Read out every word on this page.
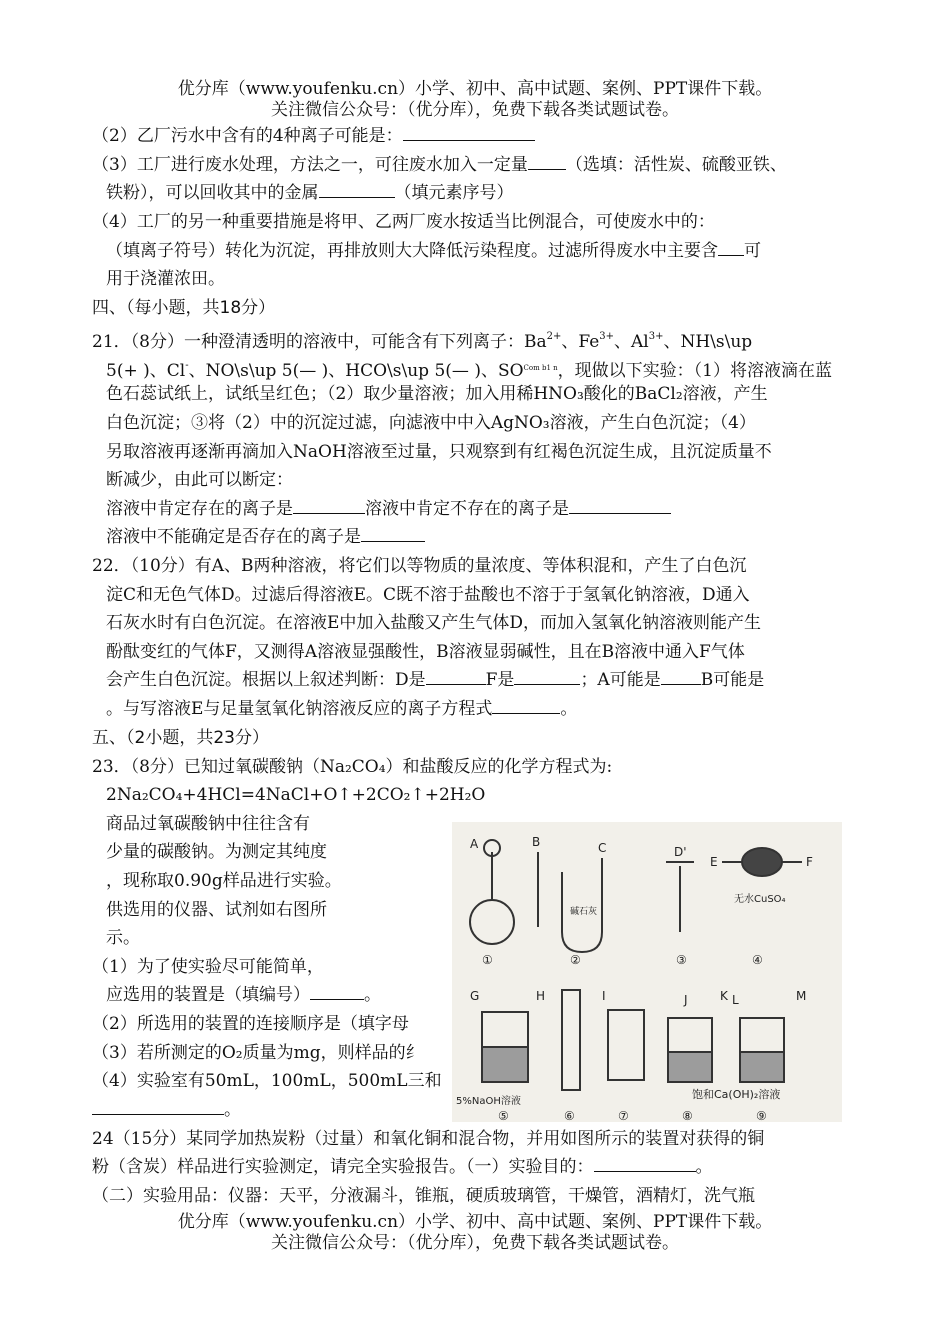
优分库（www.youfenku.cn）小学、初中、高中试题、案例、PPT课件下载。
关注微信公众号：（优分库），免费下载各类试题试卷。
（2）乙厂污水中含有的4种离子可能是：
（3）工厂进行废水处理，方法之一，可往废水加入一定量 （选填：活性炭、硫酸亚铁、
铁粉），可以回收其中的金属	（填元素序号）
（4）工厂的另一种重要措施是将甲、乙两厂废水按适当比例混合，可使废水中的：
（填离子符号）转化为沉淀，再排放则大大降低污染程度。过滤所得废水中主要含 可
用于浇灌浓田。
四、（每小题，共18分）
21．（8分）一种澄清透明的溶液中，可能含有下列离子：$Ba^{2+}$、$Fe^{3+}$、$Al^{3+}$、NH\s\up
5(+ )、Cl-、NO\s\up 5(— )、HCO\s\up 5(— )、$SO^{Com b1 n}$，现做以下实验：（1）将溶液滴在蓝
色石蕊试纸上，试纸呈红色；（2）取少量溶液；加入用稀HNO₃酸化的BaCl₂溶液，产生
白色沉淀；③将（2）中的沉淀过滤，向滤液中中入AgNO₃溶液，产生白色沉淀；（4）
另取溶液再逐渐再滴加入NaOH溶液至过量，只观察到有红褐色沉淀生成，且沉淀质量不
断减少，由此可以断定：
溶液中肯定存在的离子是	溶液中肯定不存在的离子是
溶液中不能确定是否存在的离子是
22．（10分）有A、B两种溶液，将它们以等物质的量浓度、等体积混和，产生了白色沉
淀C和无色气体D。过滤后得溶液E。C既不溶于盐酸也不溶于于氢氧化钠溶液，D通入
石灰水时有白色沉淀。在溶液E中加入盐酸又产生气体D，而加入氢氧化钠溶液则能产生
酚酞变红的气体F，又测得A溶液显强酸性，B溶液显弱碱性，且在B溶液中通入F气体
会产生白色沉淀。根据以上叙述判断：D是	F是	；A可能是 B可能是
。与写溶液E与足量氢氧化钠溶液反应的离子方程式	。
五、（2小题，共23分）
23．（8分）已知过氧碳酸钠（Na₂CO₄）和盐酸反应的化学方程式为:
2Na₂CO₄+4HCl=4NaCl+O↑+2CO₂↑+2H₂O
商品过氧碳酸钠中往往含有
少量的碳酸钠。为测定其纯度
，现称取0.90g样品进行实验。
供选用的仪器、试剂如右图所
示。
（1）为了使实验尽可能简单，
应选用的装置是（填编号）	。
（2）所选用的装置的连接顺序是（填字母
（3）若所测定的O₂质量为mg，则样品的纟
（4）实验室有50mL，100mL，500mL三和
。
A	B	C	D'
E	F
碱石灰
无水CuSO₄
①	②	③	④
G	H	I	J	K L	M
5%NaOH溶液
饱和Ca(OH)₂溶液
⑤	⑥	⑦	⑧	⑨
24（15分）某同学加热炭粉（过量）和氧化铜和混合物，并用如图所示的装置对获得的铜
粉（含炭）样品进行实验测定，请完全实验报告。（一）实验目的：	。
（二）实验用品：仪器：天平，分液漏斗，锥瓶，硬质玻璃管，干燥管，酒精灯，洗气瓶
优分库（www.youfenku.cn）小学、初中、高中试题、案例、PPT课件下载。
关注微信公众号：（优分库），免费下载各类试题试卷。
